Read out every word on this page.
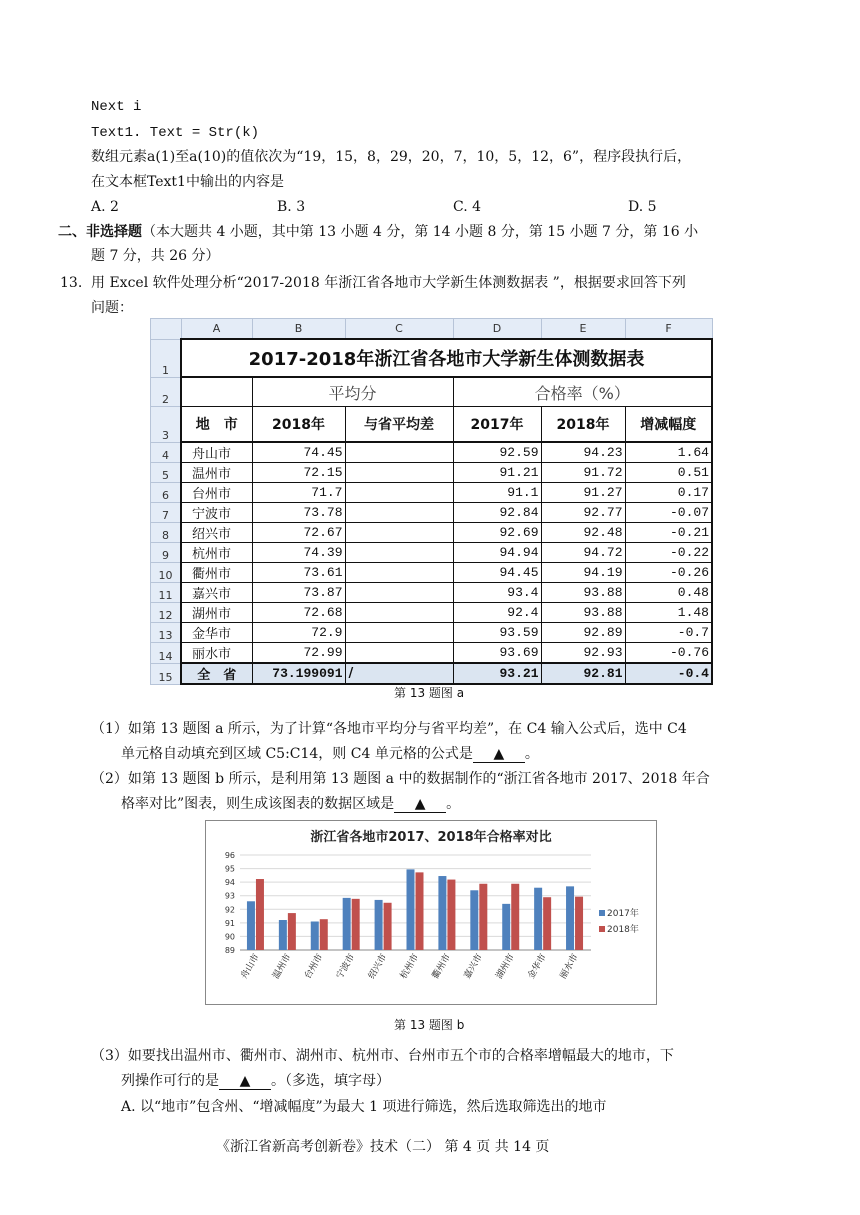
Next i
Text1. Text = Str(k)
数组元素a(1)至a(10)的值依次为“19，15，8，29，20，7，10，5，12，6”，程序段执行后，
在文本框Text1中输出的内容是
A. 2	B. 3	C. 4	D. 5
二、非选择题（本大题共 4 小题，其中第 13 小题 4 分，第 14 小题 8 分，第 15 小题 7 分，第 16 小
题 7 分，共 26 分）
13. 用 Excel 软件处理分析“2017-2018 年浙江省各地市大学新生体测数据表 ”，根据要求回答下列
问题：
	A	B	C	D	E	F
1	2017-2018年浙江省各地市大学新生体测数据表					
2		平均分		合格率（%）		
3	地　市	2018年	与省平均差	2017年	2018年	增减幅度
4	舟山市	74.45		92.59	94.23	1.64
5	温州市	72.15		91.21	91.72	0.51
6	台州市	71.7		91.1	91.27	0.17
7	宁波市	73.78		92.84	92.77	-0.07
8	绍兴市	72.67		92.69	92.48	-0.21
9	杭州市	74.39		94.94	94.72	-0.22
10	衢州市	73.61		94.45	94.19	-0.26
11	嘉兴市	73.87		93.4	93.88	0.48
12	湖州市	72.68		92.4	93.88	1.48
13	金华市	72.9		93.59	92.89	-0.7
14	丽水市	72.99		93.69	92.93	-0.76
15	全　省	73.199091	/	93.21	92.81	-0.4
第 13 题图 a
（1）如第 13 题图 a 所示，为了计算“各地市平均分与省平均差”，在 C4 输入公式后，选中 C4
单元格自动填充到区域 C5:C14，则 C4 单元格的公式是 ▲ 。
（2）如第 13 题图 b 所示，是利用第 13 题图 a 中的数据制作的“浙江省各地市 2017、2018 年合
格率对比”图表，则生成该图表的数据区域是 ▲ 。
浙江省各地市2017、2018年合格率对比
89
90
91
92
93
94
95
96
舟山市 温州市 台州市 宁波市 绍兴市 杭州市 衢州市 嘉兴市 湖州市 金华市 丽水市
2017年
2018年
第 13 题图 b
（3）如要找出温州市、衢州市、湖州市、杭州市、台州市五个市的合格率增幅最大的地市，下
列操作可行的是 ▲ 。（多选，填字母）
A. 以“地市”包含州、“增减幅度”为最大 1 项进行筛选，然后选取筛选出的地市
《浙江省新高考创新卷》技术（二） 第 4 页 共 14 页
